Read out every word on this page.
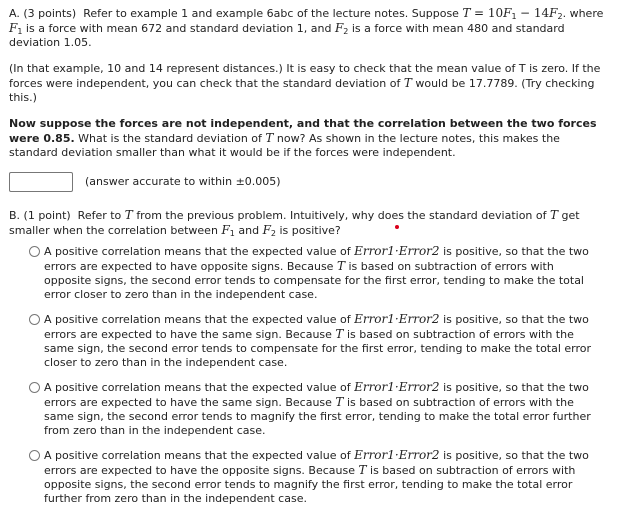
A. (3 points) Refer to example 1 and example 6abc of the lecture notes. Suppose $T = 10F_1 - 14F_2$. where $F_1$ is a force with mean 672 and standard deviation 1, and $F_2$ is a force with mean 480 and standard deviation 1.05.

(In that example, 10 and 14 represent distances.) It is easy to check that the mean value of T is zero. If the forces were independent, you can check that the standard deviation of T would be 17.7789. (Try checking this.)

Now suppose the forces are not independent, and that the correlation between the two forces were 0.85. What is the standard deviation of T now? As shown in the lecture notes, this makes the standard deviation smaller than what it would be if the forces were independent.

(answer accurate to within ±0.005)

B. (1 point) Refer to T from the previous problem. Intuitively, why does the standard deviation of T get smaller when the correlation between $F_1$ and $F_2$ is positive?

A positive correlation means that the expected value of Error1·Error2 is positive, so that the two errors are expected to have opposite signs. Because T is based on subtraction of errors with opposite signs, the second error tends to compensate for the first error, tending to make the total error closer to zero than in the independent case.
A positive correlation means that the expected value of Error1·Error2 is positive, so that the two errors are expected to have the same sign. Because T is based on subtraction of errors with the same sign, the second error tends to compensate for the first error, tending to make the total error closer to zero than in the independent case.
A positive correlation means that the expected value of Error1·Error2 is positive, so that the two errors are expected to have the same sign. Because T is based on subtraction of errors with the same sign, the second error tends to magnify the first error, tending to make the total error further from zero than in the independent case.
A positive correlation means that the expected value of Error1·Error2 is positive, so that the two errors are expected to have the opposite signs. Because T is based on subtraction of errors with opposite signs, the second error tends to magnify the first error, tending to make the total error further from zero than in the independent case.
